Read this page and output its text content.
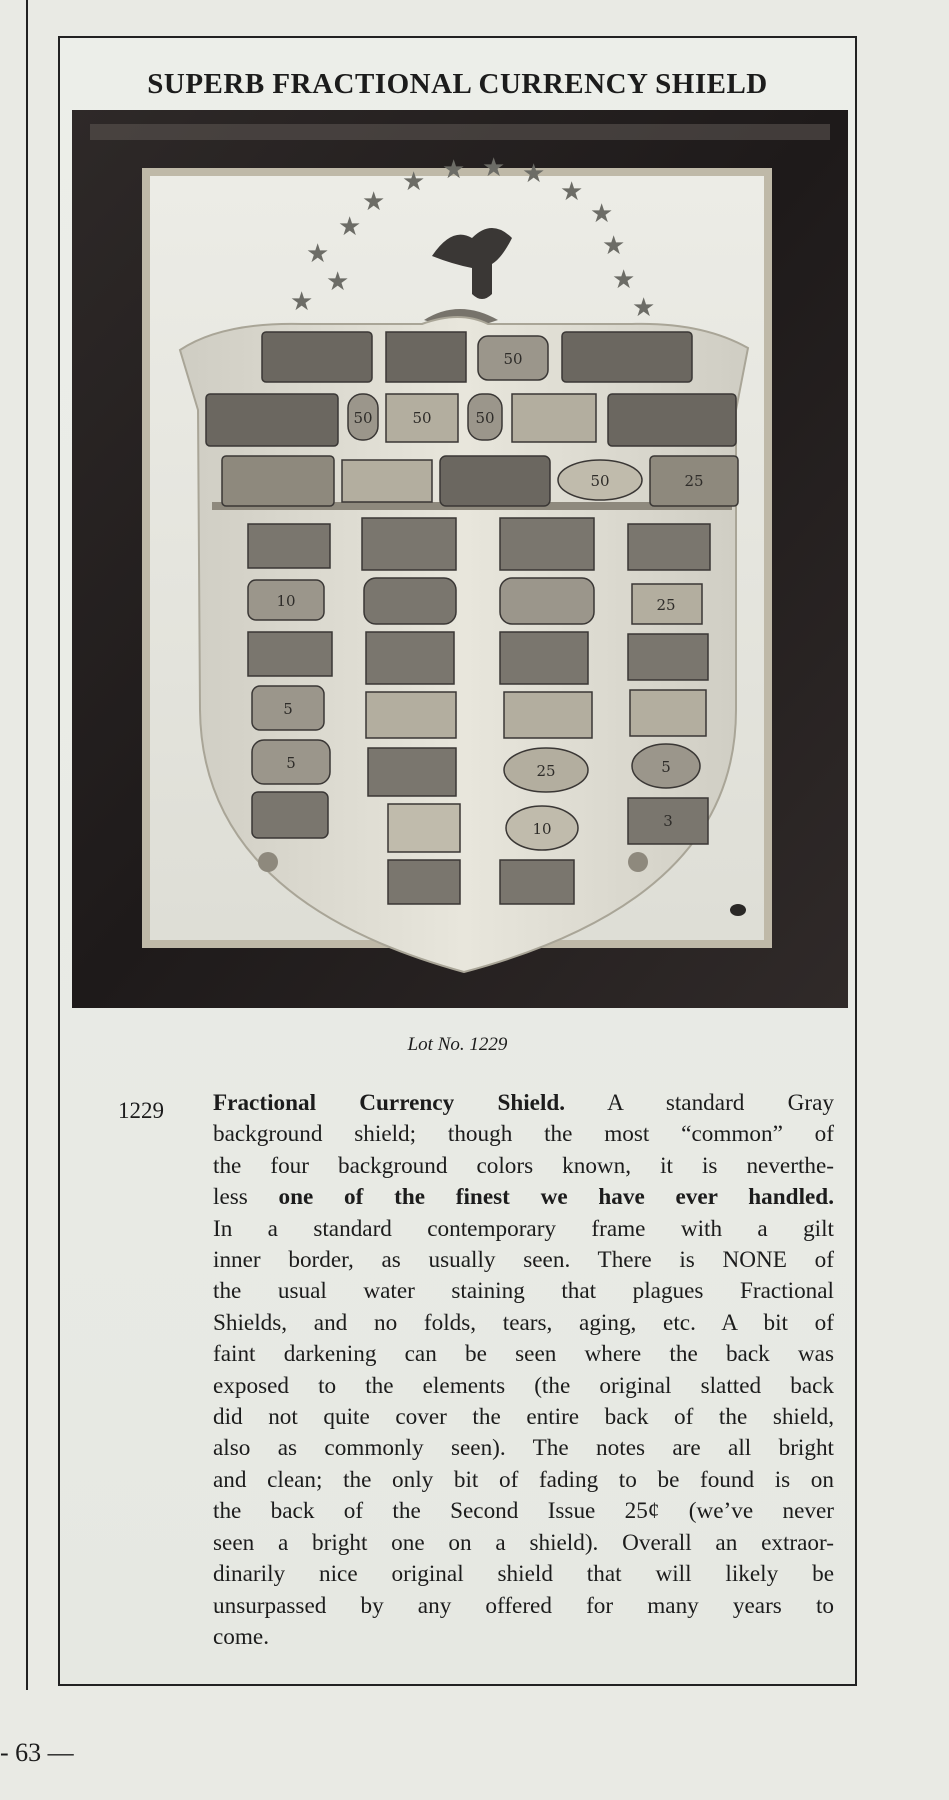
SUPERB FRACTIONAL CURRENCY SHIELD
★
★
★ ★ ★ ★
★
★
★
★
★
★
★	★
50
50	50	50
50	25
10
5
5	25
10
25
5
3
Lot No. 1229
1229 Fractional Currency Shield. A standard Gray
background shield; though the most “common” of
the four background colors known, it is neverthe-
less one of the finest we have ever handled.
In a standard contemporary frame with a gilt
inner border, as usually seen. There is NONE of
the usual water staining that plagues Fractional
Shields, and no folds, tears, aging, etc. A bit of
faint darkening can be seen where the back was
exposed to the elements (the original slatted back
did not quite cover the entire back of the shield,
also as commonly seen). The notes are all bright
and clean; the only bit of fading to be found is on
the back of the Second Issue 25¢ (we’ve never
seen a bright one on a shield). Overall an extraor-
dinarily nice original shield that will likely be
unsurpassed by any offered for many years to
come.
- 63 —
